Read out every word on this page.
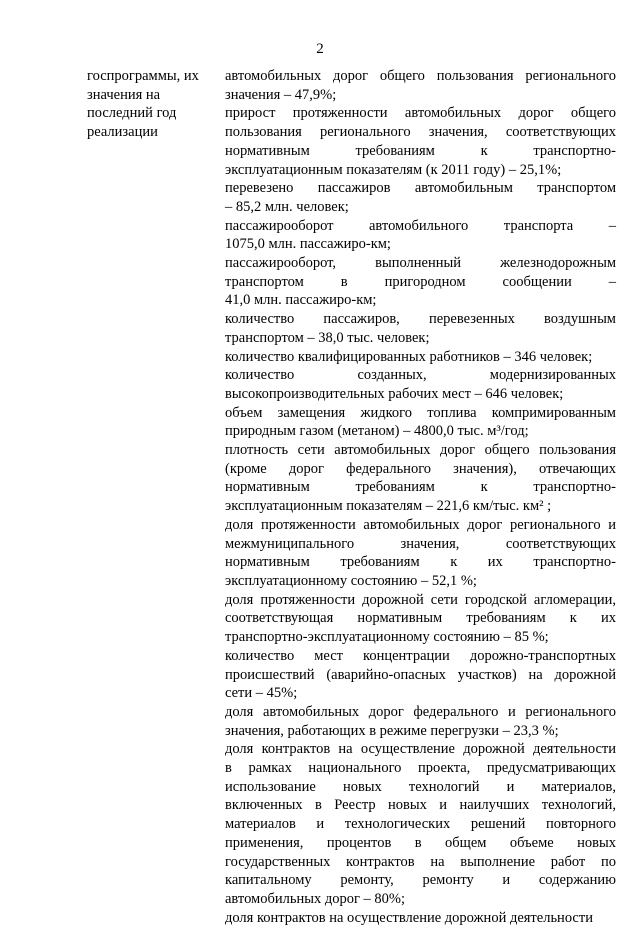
2
госпрограммы, их
значения на
последний год
реализации
автомобильных дорог общего пользования регионального
значения – 47,9%;
прирост протяженности автомобильных дорог общего
пользования регионального значения, соответствующих
нормативным требованиям к транспортно-
эксплуатационным показателям (к 2011 году) – 25,1%;
перевезено пассажиров автомобильным транспортом
– 85,2 млн. человек;
пассажирооборот автомобильного транспорта –
1075,0 млн. пассажиро-км;
пассажирооборот, выполненный железнодорожным
транспортом в пригородном сообщении –
41,0 млн. пассажиро-км;
количество пассажиров, перевезенных воздушным
транспортом – 38,0 тыс. человек;
количество квалифицированных работников – 346 человек;
количество созданных, модернизированных
высокопроизводительных рабочих мест – 646 человек;
объем замещения жидкого топлива компримированным
природным газом (метаном) – 4800,0 тыс. м³/год;
плотность сети автомобильных дорог общего пользования
(кроме дорог федерального значения), отвечающих
нормативным требованиям к транспортно-
эксплуатационным показателям – 221,6 км/тыс. км² ;
доля протяженности автомобильных дорог регионального и
межмуниципального значения, соответствующих
нормативным требованиям к их транспортно-
эксплуатационному состоянию – 52,1 %;
доля протяженности дорожной сети городской агломерации,
соответствующая нормативным требованиям к их
транспортно-эксплуатационному состоянию – 85 %;
количество мест концентрации дорожно-транспортных
происшествий (аварийно-опасных участков) на дорожной
сети – 45%;
доля автомобильных дорог федерального и регионального
значения, работающих в режиме перегрузки – 23,3 %;
доля контрактов на осуществление дорожной деятельности
в рамках национального проекта, предусматривающих
использование новых технологий и материалов,
включенных в Реестр новых и наилучших технологий,
материалов и технологических решений повторного
применения, процентов в общем объеме новых
государственных контрактов на выполнение работ по
капитальному ремонту, ремонту и содержанию
автомобильных дорог – 80%;
доля контрактов на осуществление дорожной деятельности
